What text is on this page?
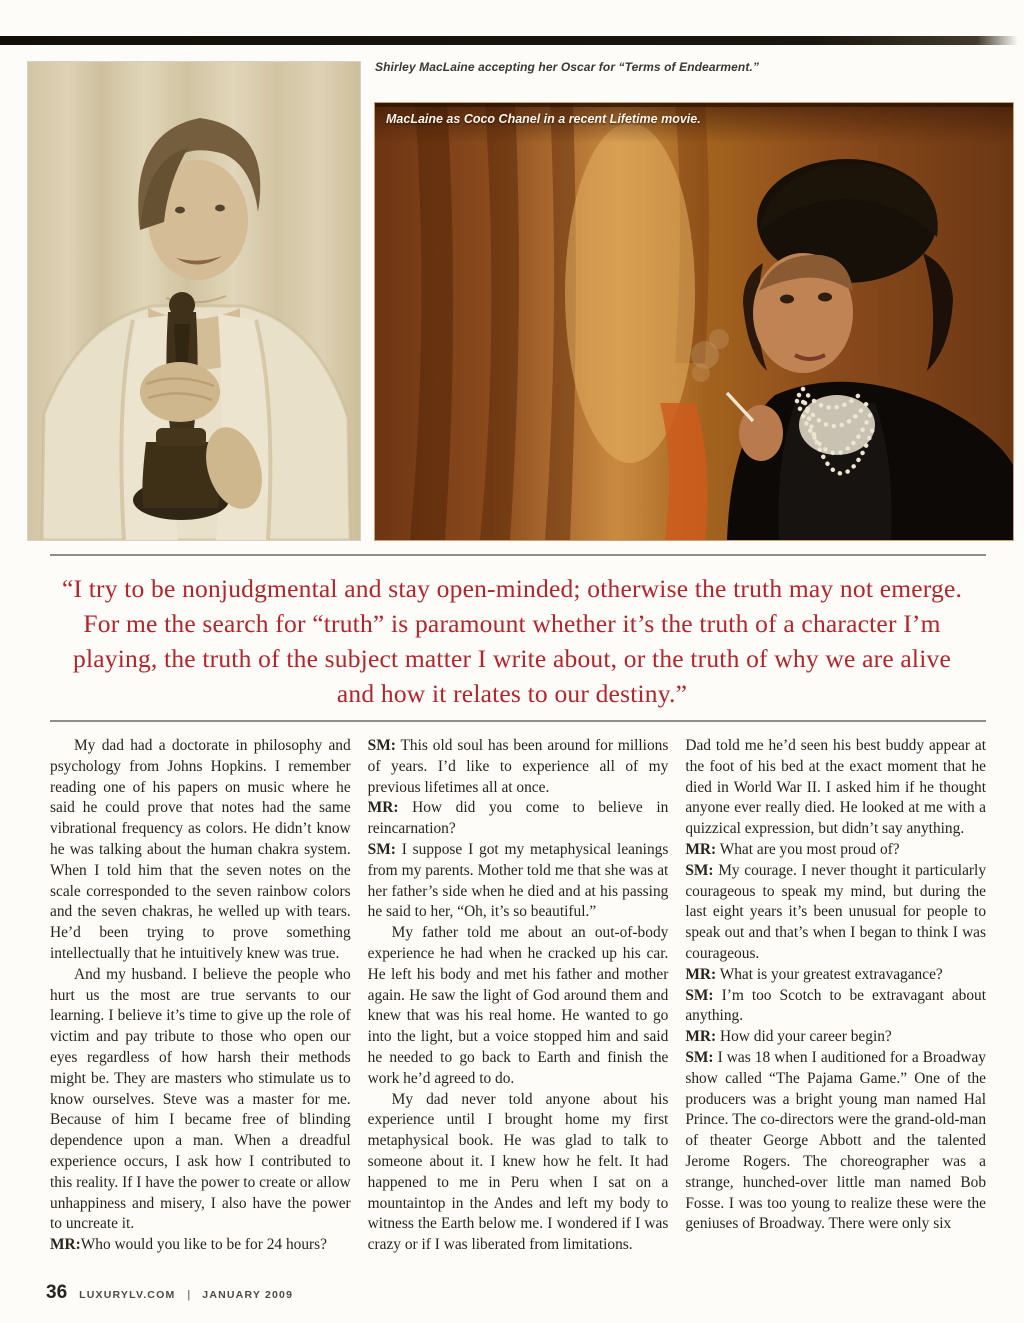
Shirley MacLaine accepting her Oscar for “Terms of Endearment.”
MacLaine as Coco Chanel in a recent Lifetime movie.
“I try to be nonjudgmental and stay open-minded; otherwise the truth may not emerge. For me the search for “truth” is paramount whether it’s the truth of a character I’m playing, the truth of the subject matter I write about, or the truth of why we are alive and how it relates to our destiny.”

My dad had a doctorate in philosophy and psychology from Johns Hopkins. I remember reading one of his papers on music where he said he could prove that notes had the same vibrational frequency as colors. He didn’t know he was talking about the human chakra system. When I told him that the seven notes on the scale corresponded to the seven rainbow colors and the seven chakras, he welled up with tears. He’d been trying to prove something intellectually that he intuitively knew was true.

And my husband. I believe the people who hurt us the most are true servants to our learning. I believe it’s time to give up the role of victim and pay tribute to those who open our eyes regardless of how harsh their methods might be. They are masters who stimulate us to know ourselves. Steve was a master for me. Because of him I became free of blinding dependence upon a man. When a dreadful experience occurs, I ask how I contributed to this reality. If I have the power to create or allow unhappiness and misery, I also have the power to uncreate it.

MR:Who would you like to be for 24 hours?

SM: This old soul has been around for millions of years. I’d like to experience all of my previous lifetimes all at once.

MR: How did you come to believe in reincarnation?

SM: I suppose I got my metaphysical leanings from my parents. Mother told me that she was at her father’s side when he died and at his passing he said to her, “Oh, it’s so beautiful.”

My father told me about an out-of-body experience he had when he cracked up his car. He left his body and met his father and mother again. He saw the light of God around them and knew that was his real home. He wanted to go into the light, but a voice stopped him and said he needed to go back to Earth and finish the work he’d agreed to do.

My dad never told anyone about his experience until I brought home my first metaphysical book. He was glad to talk to someone about it. I knew how he felt. It had happened to me in Peru when I sat on a mountaintop in the Andes and left my body to witness the Earth below me. I wondered if I was crazy or if I was liberated from limitations.

Dad told me he’d seen his best buddy appear at the foot of his bed at the exact moment that he died in World War II. I asked him if he thought anyone ever really died. He looked at me with a quizzical expression, but didn’t say anything.

MR: What are you most proud of?

SM: My courage. I never thought it particularly courageous to speak my mind, but during the last eight years it’s been unusual for people to speak out and that’s when I began to think I was courageous.

MR: What is your greatest extravagance?

SM: I’m too Scotch to be extravagant about anything.

MR: How did your career begin?

SM: I was 18 when I auditioned for a Broadway show called “The Pajama Game.” One of the producers was a bright young man named Hal Prince. The co-directors were the grand-old-man of theater George Abbott and the talented Jerome Rogers. The choreographer was a strange, hunched-over little man named Bob Fosse. I was too young to realize these were the geniuses of Broadway. There were only six

36 LUXURYLV.COM | JANUARY 2009
